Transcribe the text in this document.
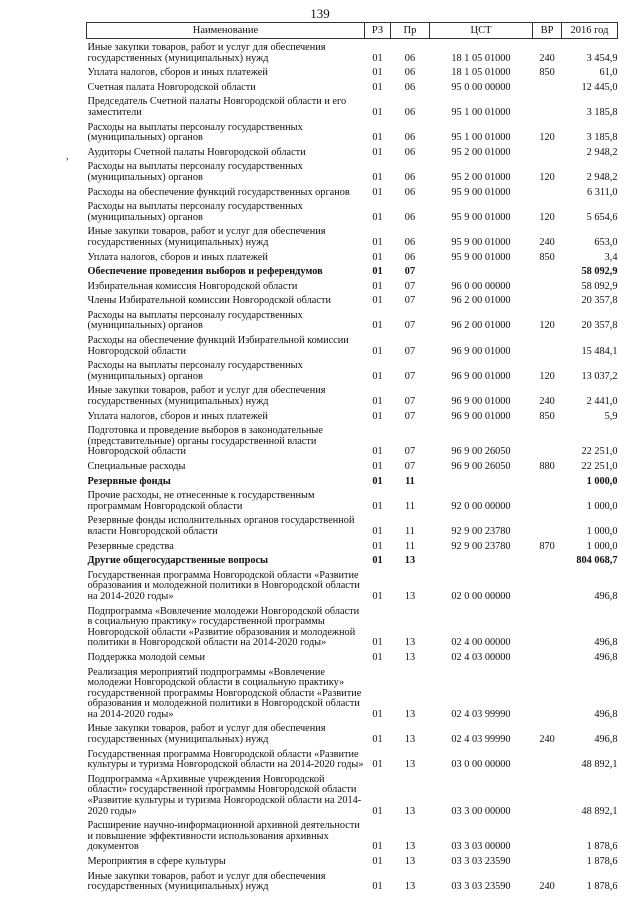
139
,
Наименование	РЗ	Пр	ЦСТ	ВР	2016 год
Иные закупки товаров, работ и услуг для обеспечения государственных (муниципальных) нужд	01	06	18 1 05 01000	240	3 454,9
Уплата налогов, сборов и иных платежей	01	06	18 1 05 01000	850	61,0
Счетная палата Новгородской области	01	06	95 0 00 00000		12 445,0
Председатель Счетной палаты Новгородской области и его заместители	01	06	95 1 00 01000		3 185,8
Расходы на выплаты персоналу государственных (муниципальных) органов	01	06	95 1 00 01000	120	3 185,8
Аудиторы Счетной палаты Новгородской области	01	06	95 2 00 01000		2 948,2
Расходы на выплаты персоналу государственных (муниципальных) органов	01	06	95 2 00 01000	120	2 948,2
Расходы на обеспечение функций государственных органов	01	06	95 9 00 01000		6 311,0
Расходы на выплаты персоналу государственных (муниципальных) органов	01	06	95 9 00 01000	120	5 654,6
Иные закупки товаров, работ и услуг для обеспечения государственных (муниципальных) нужд	01	06	95 9 00 01000	240	653,0
Уплата налогов, сборов и иных платежей	01	06	95 9 00 01000	850	3,4
Обеспечение проведения выборов и референдумов	01	07			58 092,9
Избирательная комиссия Новгородской области	01	07	96 0 00 00000		58 092,9
Члены Избирательной комиссии Новгородской области	01	07	96 2 00 01000		20 357,8
Расходы на выплаты персоналу государственных (муниципальных) органов	01	07	96 2 00 01000	120	20 357,8
Расходы на обеспечение функций Избирательной комиссии Новгородской области	01	07	96 9 00 01000		15 484,1
Расходы на выплаты персоналу государственных (муниципальных) органов	01	07	96 9 00 01000	120	13 037,2
Иные закупки товаров, работ и услуг для обеспечения государственных (муниципальных) нужд	01	07	96 9 00 01000	240	2 441,0
Уплата налогов, сборов и иных платежей	01	07	96 9 00 01000	850	5,9
Подготовка и проведение выборов в законодательные (представительные) органы государственной власти Новгородской области	01	07	96 9 00 26050		22 251,0
Специальные расходы	01	07	96 9 00 26050	880	22 251,0
Резервные фонды	01	11			1 000,0
Прочие расходы, не отнесенные к государственным программам Новгородской области	01	11	92 0 00 00000		1 000,0
Резервные фонды исполнительных органов государственной власти Новгородской области	01	11	92 9 00 23780		1 000,0
Резервные средства	01	11	92 9 00 23780	870	1 000,0
Другие общегосударственные вопросы	01	13			804 068,7
Государственная программа Новгородской области «Развитие образования и молодежной политики в Новгородской области на 2014-2020 годы»	01	13	02 0 00 00000		496,8
Подпрограмма «Вовлечение молодежи Новгородской области в социальную практику» государственной программы Новгородской области «Развитие образования и молодежной политики в Новгородской области на 2014-2020 годы»	01	13	02 4 00 00000		496,8
Поддержка молодой семьи	01	13	02 4 03 00000		496,8
Реализация мероприятий подпрограммы «Вовлечение молодежи Новгородской области в социальную практику» государственной программы Новгородской области «Развитие образования и молодежной политики в Новгородской области на 2014-2020 годы»	01	13	02 4 03 99990		496,8
Иные закупки товаров, работ и услуг для обеспечения государственных (муниципальных) нужд	01	13	02 4 03 99990	240	496,8
Государственная программа Новгородской области «Развитие культуры и туризма Новгородской области на 2014-2020 годы»	01	13	03 0 00 00000		48 892,1
Подпрограмма «Архивные учреждения Новгородской области» государственной программы Новгородской области «Развитие культуры и туризма Новгородской области на 2014-2020 годы»	01	13	03 3 00 00000		48 892,1
Расширение научно-информационной архивной деятельности и повышение эффективности использования архивных документов	01	13	03 3 03 00000		1 878,6
Мероприятия в сфере культуры	01	13	03 3 03 23590		1 878,6
Иные закупки товаров, работ и услуг для обеспечения государственных (муниципальных) нужд	01	13	03 3 03 23590	240	1 878,6
